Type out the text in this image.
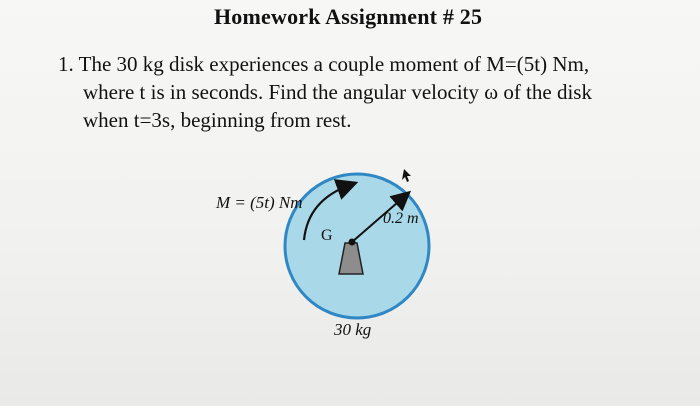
Homework Assignment # 25
1. The 30 kg disk experiences a couple moment of M=(5t) Nm,
where t is in seconds. Find the angular velocity ω of the disk
when t=3s, beginning from rest.
M = (5t) Nm
G
0.2 m
30 kg
